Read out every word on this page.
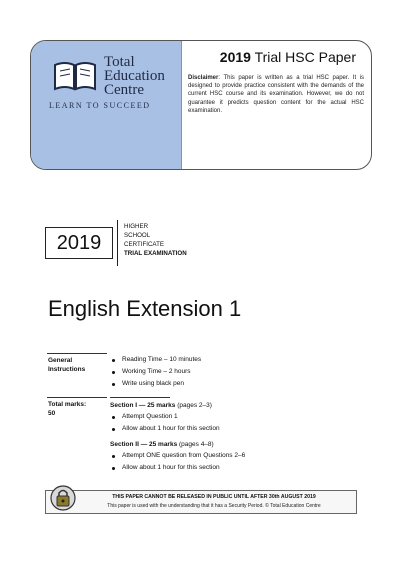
Total
Education
Centre
LEARN TO SUCCEED
2019 Trial HSC Paper
Disclaimer: This paper is written as a trial HSC paper. It is designed to provide practice consistent with the demands of the current HSC course and its examination. However, we do not guarantee it predicts question content for the actual HSC examination.
2019
HIGHER
SCHOOL
CERTIFICATE
TRIAL EXAMINATION
English Extension 1
General
Instructions
Reading Time – 10 minutes
Working Time – 2 hours
Write using black pen
Total marks:
50
Section I — 25 marks (pages 2–3)
Attempt Question 1
Allow about 1 hour for this section
Section II — 25 marks (pages 4–8)
Attempt ONE question from Questions 2–6
Allow about 1 hour for this section
THIS PAPER CANNOT BE RELEASED IN PUBLIC UNTIL AFTER 30th AUGUST 2019
This paper is used with the understanding that it has a Security Period. © Total Education Centre
